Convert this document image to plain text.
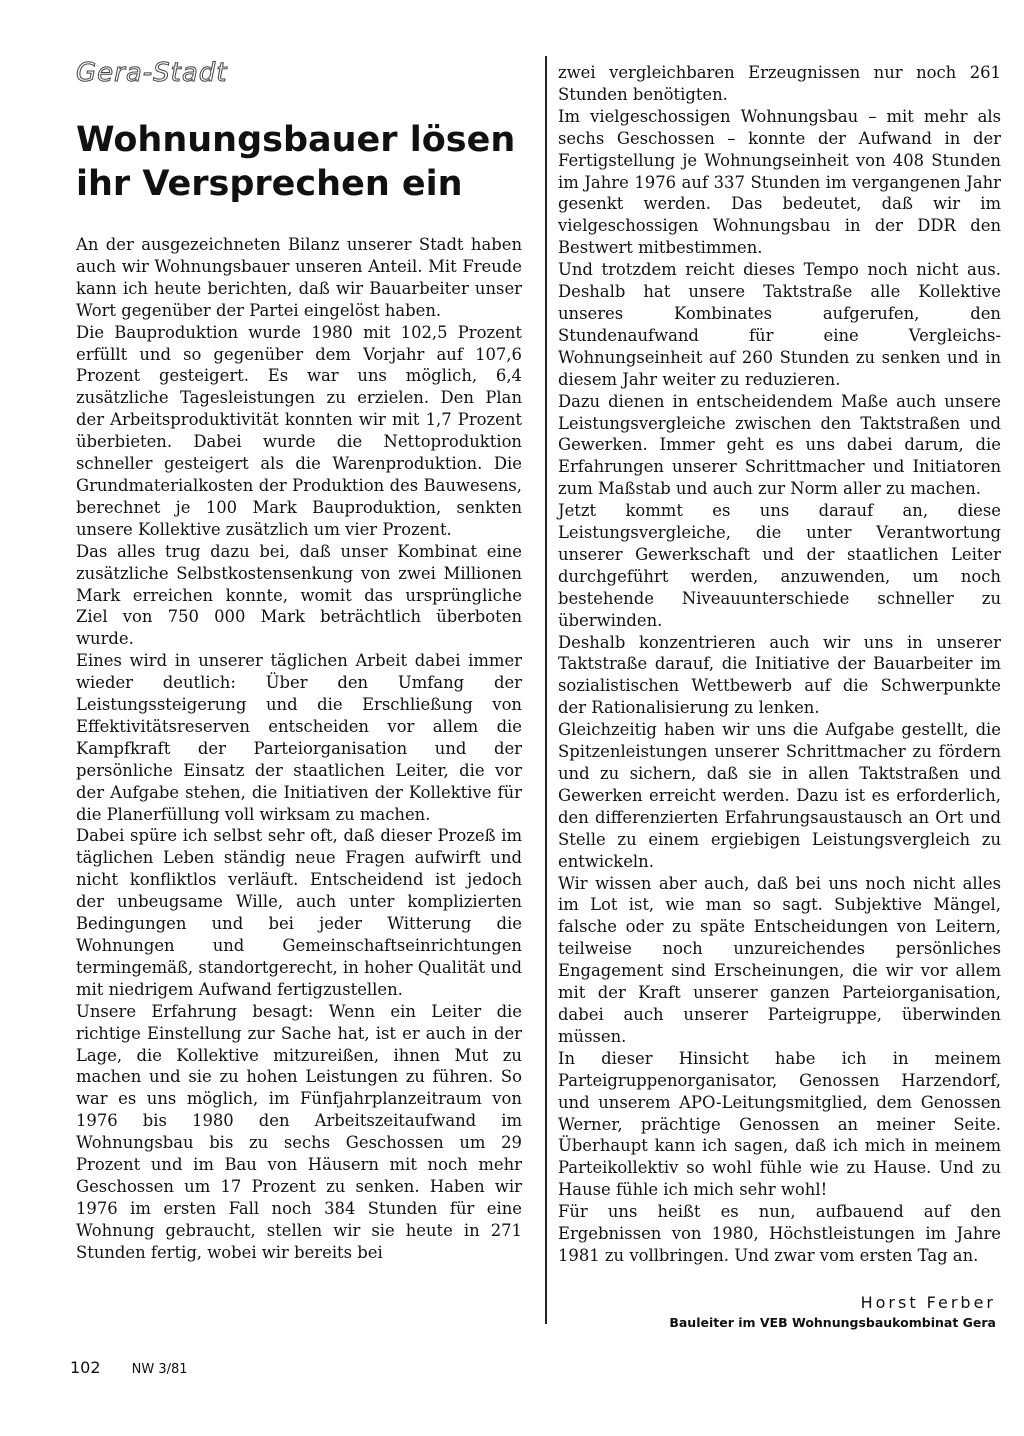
Gera-Stadt
Wohnungsbauer lösen ihr Versprechen ein

An der ausgezeichneten Bilanz unserer Stadt haben auch wir Wohnungsbauer unseren Anteil. Mit Freude kann ich heute berichten, daß wir Bauarbeiter unser Wort gegenüber der Partei eingelöst haben.

Die Bauproduktion wurde 1980 mit 102,5 Prozent erfüllt und so gegenüber dem Vorjahr auf 107,6 Prozent gesteigert. Es war uns möglich, 6,4 zusätzliche Tagesleistungen zu erzielen. Den Plan der Arbeitsproduktivität konnten wir mit 1,7 Prozent überbieten. Dabei wurde die Nettoproduktion schneller gesteigert als die Warenproduktion. Die Grundmaterialkosten der Produktion des Bauwesens, berechnet je 100 Mark Bauproduktion, senkten unsere Kollektive zusätzlich um vier Prozent.

Das alles trug dazu bei, daß unser Kombinat eine zusätzliche Selbstkostensenkung von zwei Millionen Mark erreichen konnte, womit das ursprüngliche Ziel von 750 000 Mark beträchtlich überboten wurde.

Eines wird in unserer täglichen Arbeit dabei immer wieder deutlich: Über den Umfang der Leistungssteigerung und die Erschließung von Effektivitätsreserven entscheiden vor allem die Kampfkraft der Parteiorganisation und der persönliche Einsatz der staatlichen Leiter, die vor der Aufgabe stehen, die Initiativen der Kollektive für die Planerfüllung voll wirksam zu machen.

Dabei spüre ich selbst sehr oft, daß dieser Prozeß im täglichen Leben ständig neue Fragen aufwirft und nicht konfliktlos verläuft. Entscheidend ist jedoch der unbeugsame Wille, auch unter komplizierten Bedingungen und bei jeder Witterung die Wohnungen und Gemeinschaftseinrichtungen termingemäß, standortgerecht, in hoher Qualität und mit niedrigem Aufwand fertigzustellen.

Unsere Erfahrung besagt: Wenn ein Leiter die richtige Einstellung zur Sache hat, ist er auch in der Lage, die Kollektive mitzureißen, ihnen Mut zu machen und sie zu hohen Leistungen zu führen. So war es uns möglich, im Fünfjahrplanzeitraum von 1976 bis 1980 den Arbeitszeitaufwand im Wohnungsbau bis zu sechs Geschossen um 29 Prozent und im Bau von Häusern mit noch mehr Geschossen um 17 Prozent zu senken. Haben wir 1976 im ersten Fall noch 384 Stunden für eine Wohnung gebraucht, stellen wir sie heute in 271 Stunden fertig, wobei wir bereits bei

zwei vergleichbaren Erzeugnissen nur noch 261 Stunden benötigten.

Im vielgeschossigen Wohnungsbau – mit mehr als sechs Geschossen – konnte der Aufwand in der Fertigstellung je Wohnungseinheit von 408 Stunden im Jahre 1976 auf 337 Stunden im vergangenen Jahr gesenkt werden. Das bedeutet, daß wir im vielgeschossigen Wohnungsbau in der DDR den Bestwert mitbestimmen.

Und trotzdem reicht dieses Tempo noch nicht aus. Deshalb hat unsere Taktstraße alle Kollektive unseres Kombinates aufgerufen, den Stundenaufwand für eine Vergleichs-Wohnungseinheit auf 260 Stunden zu senken und in diesem Jahr weiter zu reduzieren.

Dazu dienen in entscheidendem Maße auch unsere Leistungsvergleiche zwischen den Taktstraßen und Gewerken. Immer geht es uns dabei darum, die Erfahrungen unserer Schrittmacher und Initiatoren zum Maßstab und auch zur Norm aller zu machen.

Jetzt kommt es uns darauf an, diese Leistungsvergleiche, die unter Verantwortung unserer Gewerkschaft und der staatlichen Leiter durchgeführt werden, anzuwenden, um noch bestehende Niveauunterschiede schneller zu überwinden.

Deshalb konzentrieren auch wir uns in unserer Taktstraße darauf, die Initiative der Bauarbeiter im sozialistischen Wettbewerb auf die Schwerpunkte der Rationalisierung zu lenken.

Gleichzeitig haben wir uns die Aufgabe gestellt, die Spitzenleistungen unserer Schrittmacher zu fördern und zu sichern, daß sie in allen Taktstraßen und Gewerken erreicht werden. Dazu ist es erforderlich, den differenzierten Erfahrungsaustausch an Ort und Stelle zu einem ergiebigen Leistungsvergleich zu entwickeln.

Wir wissen aber auch, daß bei uns noch nicht alles im Lot ist, wie man so sagt. Subjektive Mängel, falsche oder zu späte Entscheidungen von Leitern, teilweise noch unzureichendes persönliches Engagement sind Erscheinungen, die wir vor allem mit der Kraft unserer ganzen Parteiorganisation, dabei auch unserer Parteigruppe, überwinden müssen.

In dieser Hinsicht habe ich in meinem Parteigruppenorganisator, Genossen Harzendorf, und unserem APO-Leitungsmitglied, dem Genossen Werner, prächtige Genossen an meiner Seite. Überhaupt kann ich sagen, daß ich mich in meinem Parteikollektiv so wohl fühle wie zu Hause. Und zu Hause fühle ich mich sehr wohl!

Für uns heißt es nun, aufbauend auf den Ergebnissen von 1980, Höchstleistungen im Jahre 1981 zu vollbringen. Und zwar vom ersten Tag an.

Horst Ferber
Bauleiter im VEB Wohnungsbaukombinat Gera
102 NW 3/81
